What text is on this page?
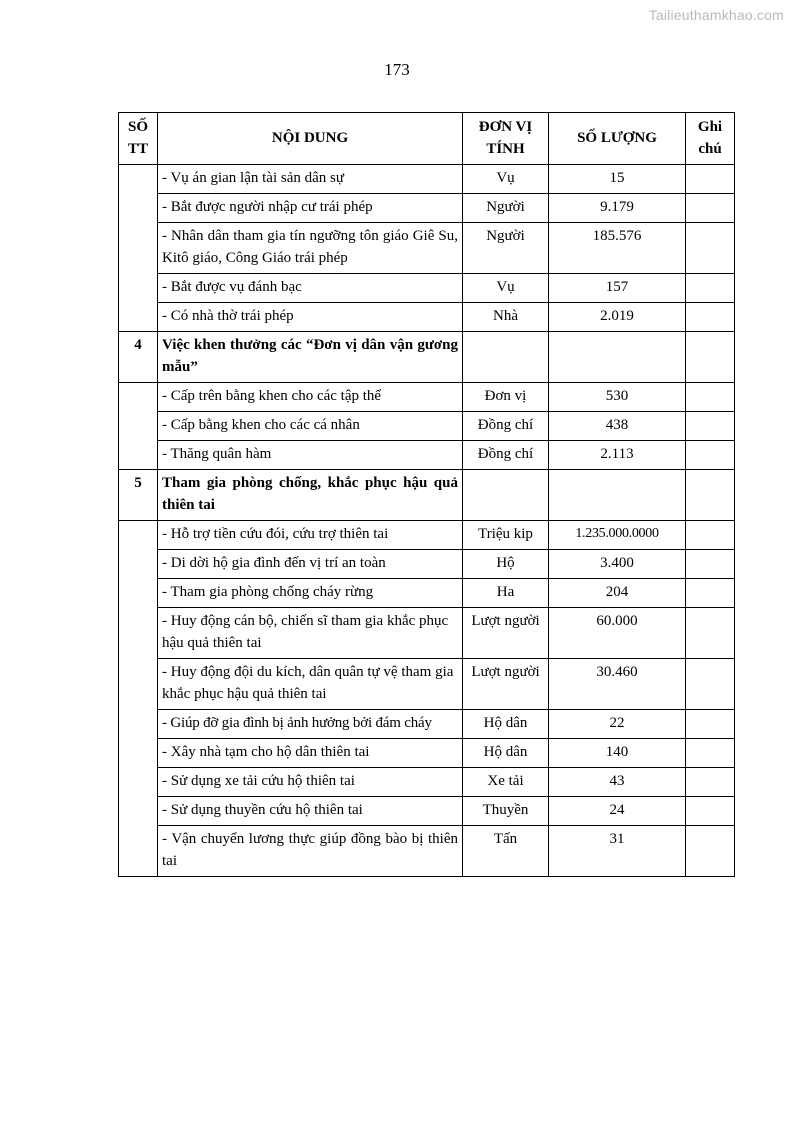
Tailieuthamkhao.com
173
SỐ TT	NỘI DUNG	ĐƠN VỊ TÍNH	SỐ LƯỢNG	Ghi chú
	- Vụ án gian lận tài sản dân sự	Vụ	15	
	- Bắt được người nhập cư trái phép	Người	9.179	
	- Nhân dân tham gia tín ngưỡng tôn giáo Giê Su, Kitô giáo, Công Giáo trái phép	Người	185.576	
	- Bắt được vụ đánh bạc	Vụ	157	
	- Có nhà thờ trái phép	Nhà	2.019	
4	Việc khen thưởng các “Đơn vị dân vận gương mẫu”			
	- Cấp trên bằng khen cho các tập thể	Đơn vị	530	
	- Cấp bằng khen cho các cá nhân	Đồng chí	438	
	- Thăng quân hàm	Đồng chí	2.113	
5	Tham gia phòng chống, khắc phục hậu quả thiên tai			
	- Hỗ trợ tiền cứu đói, cứu trợ thiên tai	Triệu kip	1.235.000.0000	
	- Di dời hộ gia đình đến vị trí an toàn	Hộ	3.400	
	- Tham gia phòng chống cháy rừng	Ha	204	
	- Huy động cán bộ, chiến sĩ tham gia khắc phục hậu quả thiên tai	Lượt người	60.000	
	- Huy động đội du kích, dân quân tự vệ tham gia khắc phục hậu quả thiên tai	Lượt người	30.460	
	- Giúp đỡ gia đình bị ảnh hưởng bởi đám cháy	Hộ dân	22	
	- Xây nhà tạm cho hộ dân thiên tai	Hộ dân	140	
	- Sử dụng xe tải cứu hộ thiên tai	Xe tải	43	
	- Sử dụng thuyền cứu hộ thiên tai	Thuyền	24	
	- Vận chuyển lương thực giúp đồng bào bị thiên tai	Tấn	31	
